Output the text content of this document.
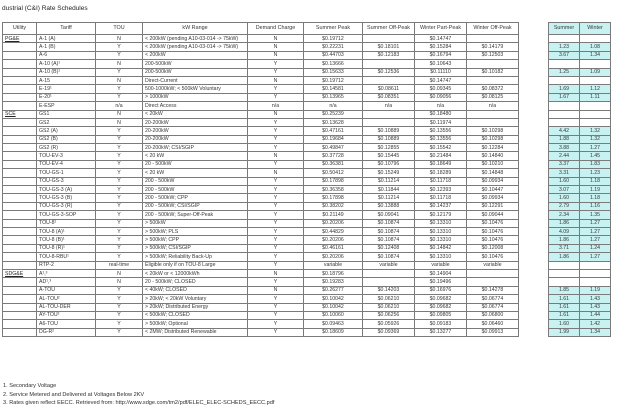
dustrial (C&I) Rate Schedules
Utility	Tariff	TOU	kW Range	Demand Charge	Summer Peak	Summer Off-Peak	Winter Part-Peak	Winter Off-Peak
PG&E	A-1 (A)	N	< 200kW (pending A10-03-014 -> 75kW)	N	$0.19712		$0.14747	
	A-1 (B)	Y	< 200kW (pending A10-03-014 -> 75kW)	N	$0.22231	$0.18101	$0.15284	$0.14179
	A-6	Y	< 200kW	N	$0.44703	$0.12183	$0.16794	$0.12503
	A-10 (A)¹	N	200-500kW	Y	$0.13666		$0.10643	
	A-10 (B)¹	Y	200-500kW	Y	$0.15633	$0.12536	$0.11110	$0.10182
	A-15	N	Direct-Current	N	$0.19712		$0.14747	
	E-19¹	Y	500-1000kW; < 500kW Voluntary	Y	$0.14581	$0.08611	$0.09345	$0.08372
	E-20¹	Y	> 1000kW	Y	$0.13965	$0.08351	$0.09056	$0.08125
	E-ESP	n/a	Direct Access	n/a	n/a	n/a	n/a	n/a
SCE	GS1	N	< 20kW	N	$0.25239		$0.18480	
	GS2	N	20-200kW	Y	$0.13628		$0.11974	
	GS2 (A)	Y	20-200kW	Y	$0.47161	$0.10889	$0.13556	$0.10298
	GS2 (B)	Y	20-200kW	Y	$0.19684	$0.10889	$0.13556	$0.10298
	GS2 (R)	Y	20-200kW; CSI/SGIP	Y	$0.49847	$0.12855	$0.15542	$0.12284
	TOU-EV-3	Y	< 20 kW	N	$0.37728	$0.15445	$0.21484	$0.14840
	TOU-EV-4	Y	20 - 500kW	Y	$0.36381	$0.10796	$0.18649	$0.10210
	TOU-GS-1	Y	< 20 kW	N	$0.50412	$0.15249	$0.18289	$0.14848
	TOU-GS-3	Y	200 - 500kW	Y	$0.17898	$0.11214	$0.11718	$0.09934
	TOU-GS-3 (A)	Y	200 - 500kW	Y	$0.36358	$0.11844	$0.12393	$0.10447
	TOU-GS-3 (B)	Y	200 - 500kW; CPP	Y	$0.17898	$0.11214	$0.11718	$0.09934
	TOU-GS-3 (R)	Y	200 - 500kW; CSI/SGIP	Y	$0.38202	$0.13888	$0.14237	$0.12291
	TOU-GS-3-SOP	Y	200 - 500kW; Super-Off-Peak	Y	$0.21149	$0.09041	$0.12179	$0.09044
	TOU-8¹	Y	> 500kW	Y	$0.20206	$0.10874	$0.13310	$0.10476
	TOU-8 (A)¹	Y	> 500kW; PLS	Y	$0.44829	$0.10874	$0.13310	$0.10476
	TOU-8 (B)¹	Y	> 500kW; CPP	Y	$0.20206	$0.10874	$0.13310	$0.10476
	TOU-8 (R)¹	Y	> 500kW; CSI/SGIP	Y	$0.46161	$0.12408	$0.14842	$0.12008
	TOU-8-RBU¹	Y	> 500kW; Reliability Back-Up	Y	$0.20206	$0.10874	$0.13310	$0.10476
	RTP-2	real-time	Eligible only if on TOU-8 Large	Y	variable	variable	variable	variable
SDG&E	A¹,³	N	< 20kW or < 12000kWh	N	$0.18796		$0.14904	
	AD¹,³	N	20 - 500kW; CLOSED	Y	$0.19283		$0.19496	
	A-TOU	Y	< 40kW; CLOSED	N	$0.26277	$0.14203	$0.16976	$0.14278
	AL-TOU²	Y	> 20kW; < 20kW Voluntary	Y	$0.10042	$0.06210	$0.09682	$0.06774
	AL-TOU-DER	Y	> 20kW; Distributed Energy	Y	$0.10042	$0.06210	$0.09682	$0.06774
	AY-TOU²	Y	< 500kW; CLOSED	Y	$0.10060	$0.06256	$0.09805	$0.06800
	A6-TOU	Y	> 500kW; Optional	Y	$0.09463	$0.05926	$0.09183	$0.06460
	DG-R²	Y	< 2MW; Distributed Renewable	Y	$0.18609	$0.09369	$0.13277	$0.09913
Summer	Winter

1.23	1.08
3.67	1.34

1.25	1.09

1.69	1.12
1.67	1.11

4.42	1.32
1.88	1.32
3.88	1.27
2.44	1.45
3.37	1.83
3.31	1.23
1.60	1.18
3.07	1.19
1.60	1.18
2.79	1.16
2.34	1.35
1.86	1.27
4.09	1.27
1.86	1.27
3.71	1.24
1.86	1.27

1.85	1.19
1.61	1.43
1.61	1.43
1.61	1.44
1.60	1.42
1.99	1.34
1. Secondary Voltage
2. Service Metered and Delivered at Voltages Below 2KV
3. Rates given reflect EECC. Retrieved from: http://www.sdge.com/tm2/pdf/ELEC_ELEC-SCHEDS_EECC.pdf
